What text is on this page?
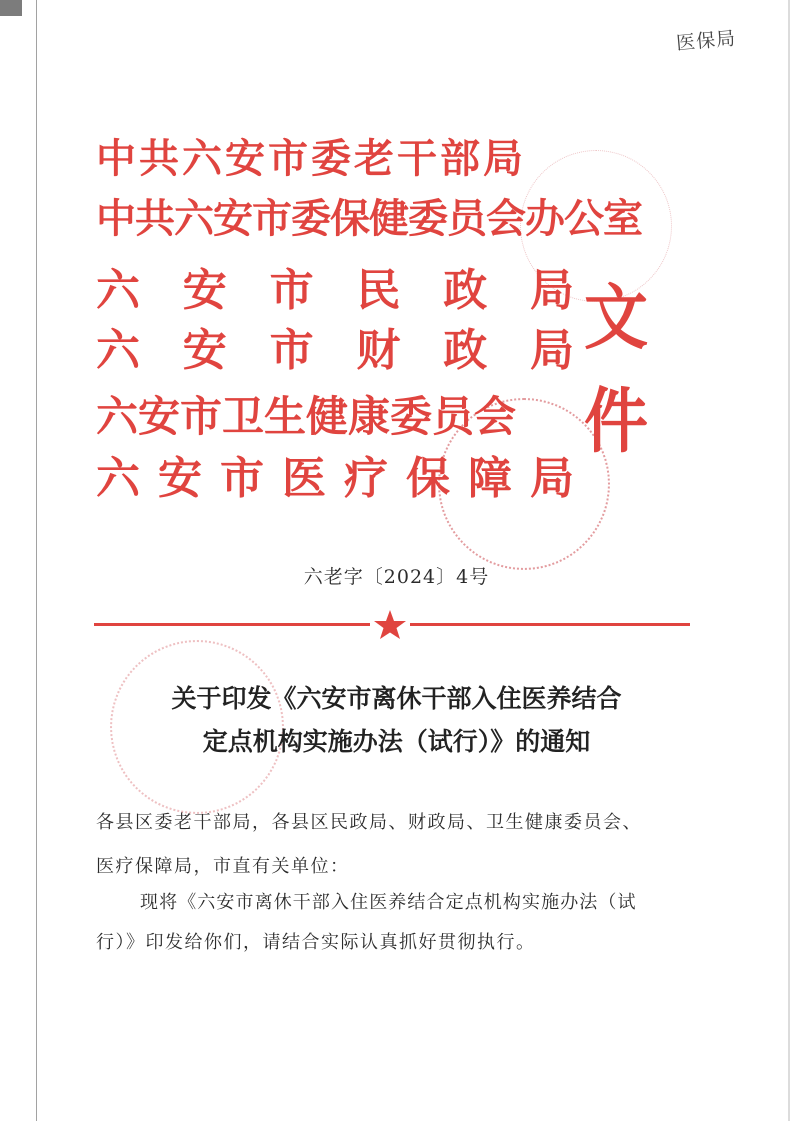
医保局
中共六安市委老干部局
中共六安市委保健委员会办公室
六 安 市 民 政 局
六 安 市 财 政 局
六安市卫生健康委员会
六 安 市 医 疗 保 障 局
文件
六老字〔2024〕4号
关于印发《六安市离休干部入住医养结合
定点机构实施办法（试行）》的通知
各县区委老干部局，各县区民政局、财政局、卫生健康委员会、
医疗保障局，市直有关单位：
现将《六安市离休干部入住医养结合定点机构实施办法（试
行）》印发给你们，请结合实际认真抓好贯彻执行。
